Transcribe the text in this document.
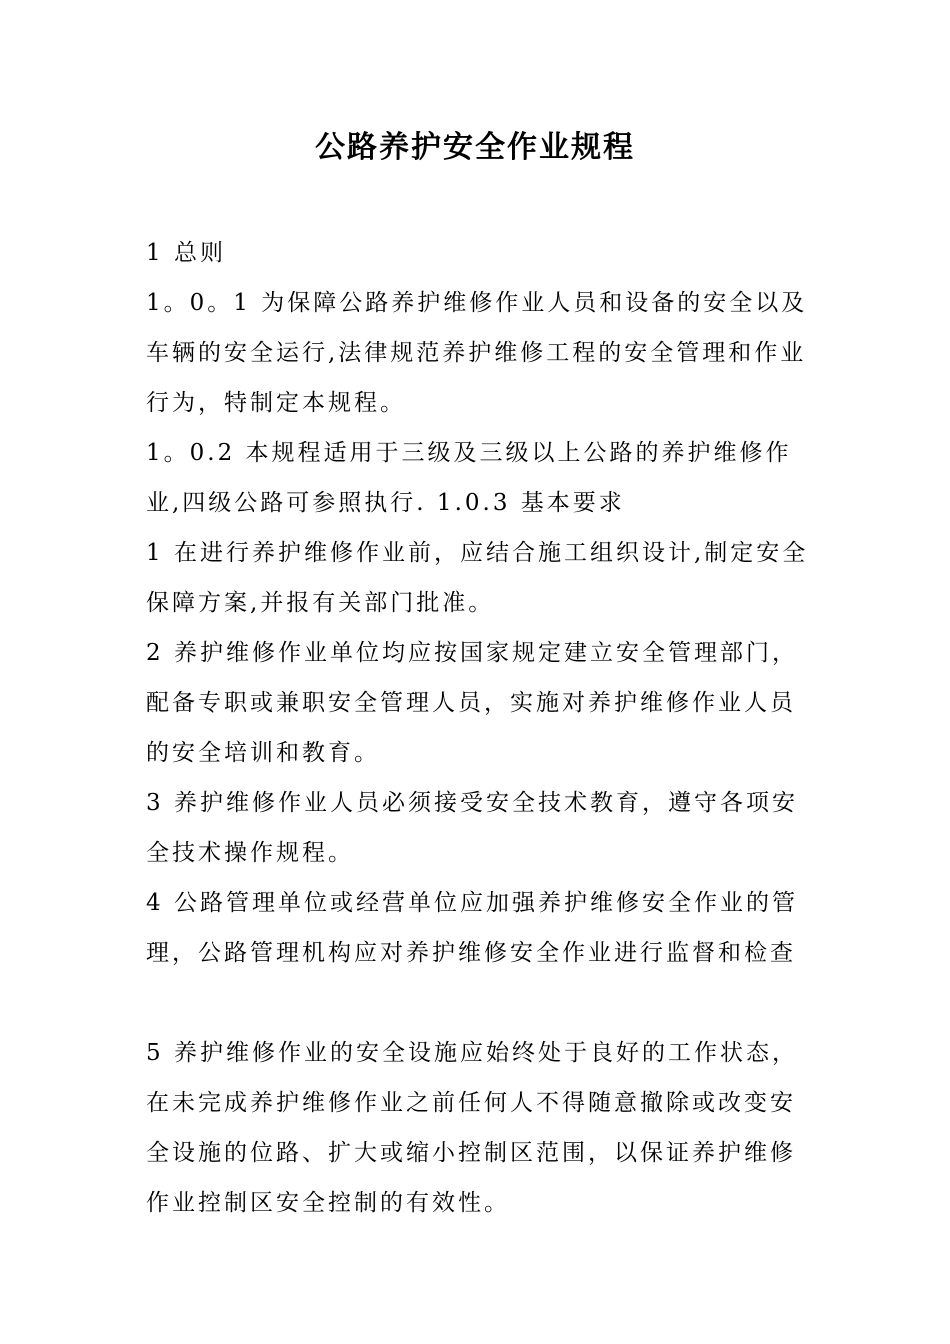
公路养护安全作业规程

1 总则

1。0。1 为保障公路养护维修作业人员和设备的安全以及车辆的安全运行,法律规范养护维修工程的安全管理和作业行为，特制定本规程。

1。0.2 本规程适用于三级及三级以上公路的养护维修作业,四级公路可参照执行. 1.0.3 基本要求

1 在进行养护维修作业前，应结合施工组织设计,制定安全保障方案,并报有关部门批准。

2 养护维修作业单位均应按国家规定建立安全管理部门，配备专职或兼职安全管理人员，实施对养护维修作业人员的安全培训和教育。

3 养护维修作业人员必须接受安全技术教育，遵守各项安全技术操作规程。

4 公路管理单位或经营单位应加强养护维修安全作业的管理，公路管理机构应对养护维修安全作业进行监督和检查

5 养护维修作业的安全设施应始终处于良好的工作状态，在未完成养护维修作业之前任何人不得随意撤除或改变安全设施的位路、扩大或缩小控制区范围，以保证养护维修作业控制区安全控制的有效性。
